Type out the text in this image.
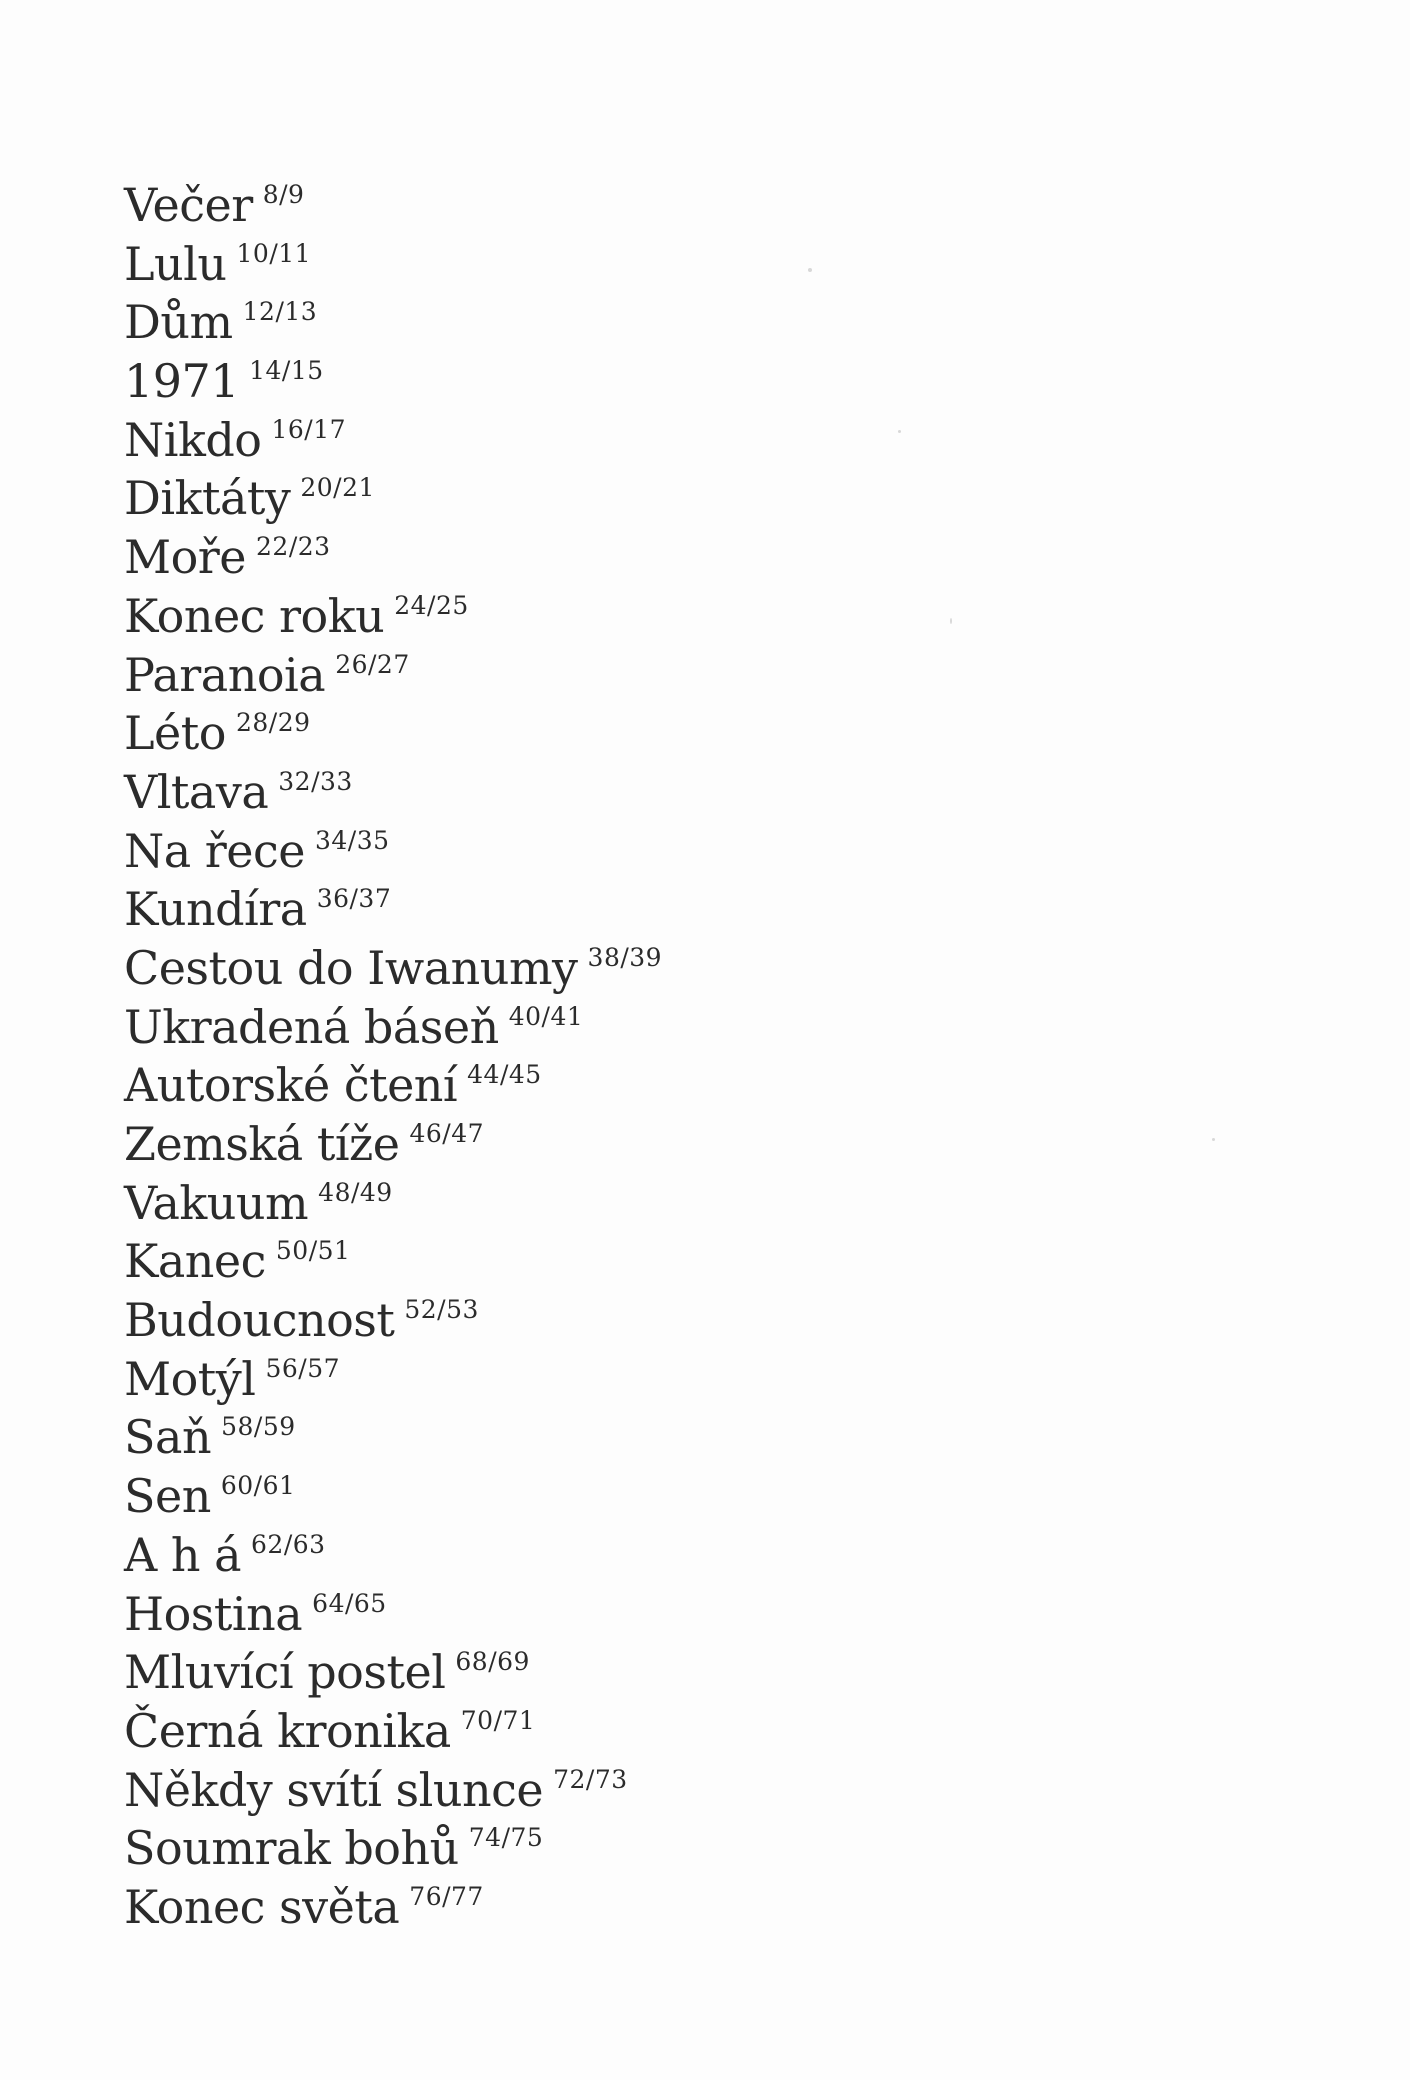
Večer $^{8/9}$
Lulu $^{10/11}$
Dům $^{12/13}$
1971 $^{14/15}$
Nikdo $^{16/17}$
Diktáty $^{20/21}$
Moře $^{22/23}$
Konec roku $^{24/25}$
Paranoia $^{26/27}$
Léto $^{28/29}$
Vltava $^{32/33}$
Na řece $^{34/35}$
Kundíra $^{36/37}$
Cestou do Iwanumy $^{38/39}$
Ukradená báseň $^{40/41}$
Autorské čtení $^{44/45}$
Zemská tíže $^{46/47}$
Vakuum $^{48/49}$
Kanec $^{50/51}$
Budoucnost $^{52/53}$
Motýl $^{56/57}$
Saň $^{58/59}$
Sen $^{60/61}$
A h á $^{62/63}$
Hostina $^{64/65}$
Mluvící postel $^{68/69}$
Černá kronika $^{70/71}$
Někdy svítí slunce $^{72/73}$
Soumrak bohů $^{74/75}$
Konec světa $^{76/77}$
